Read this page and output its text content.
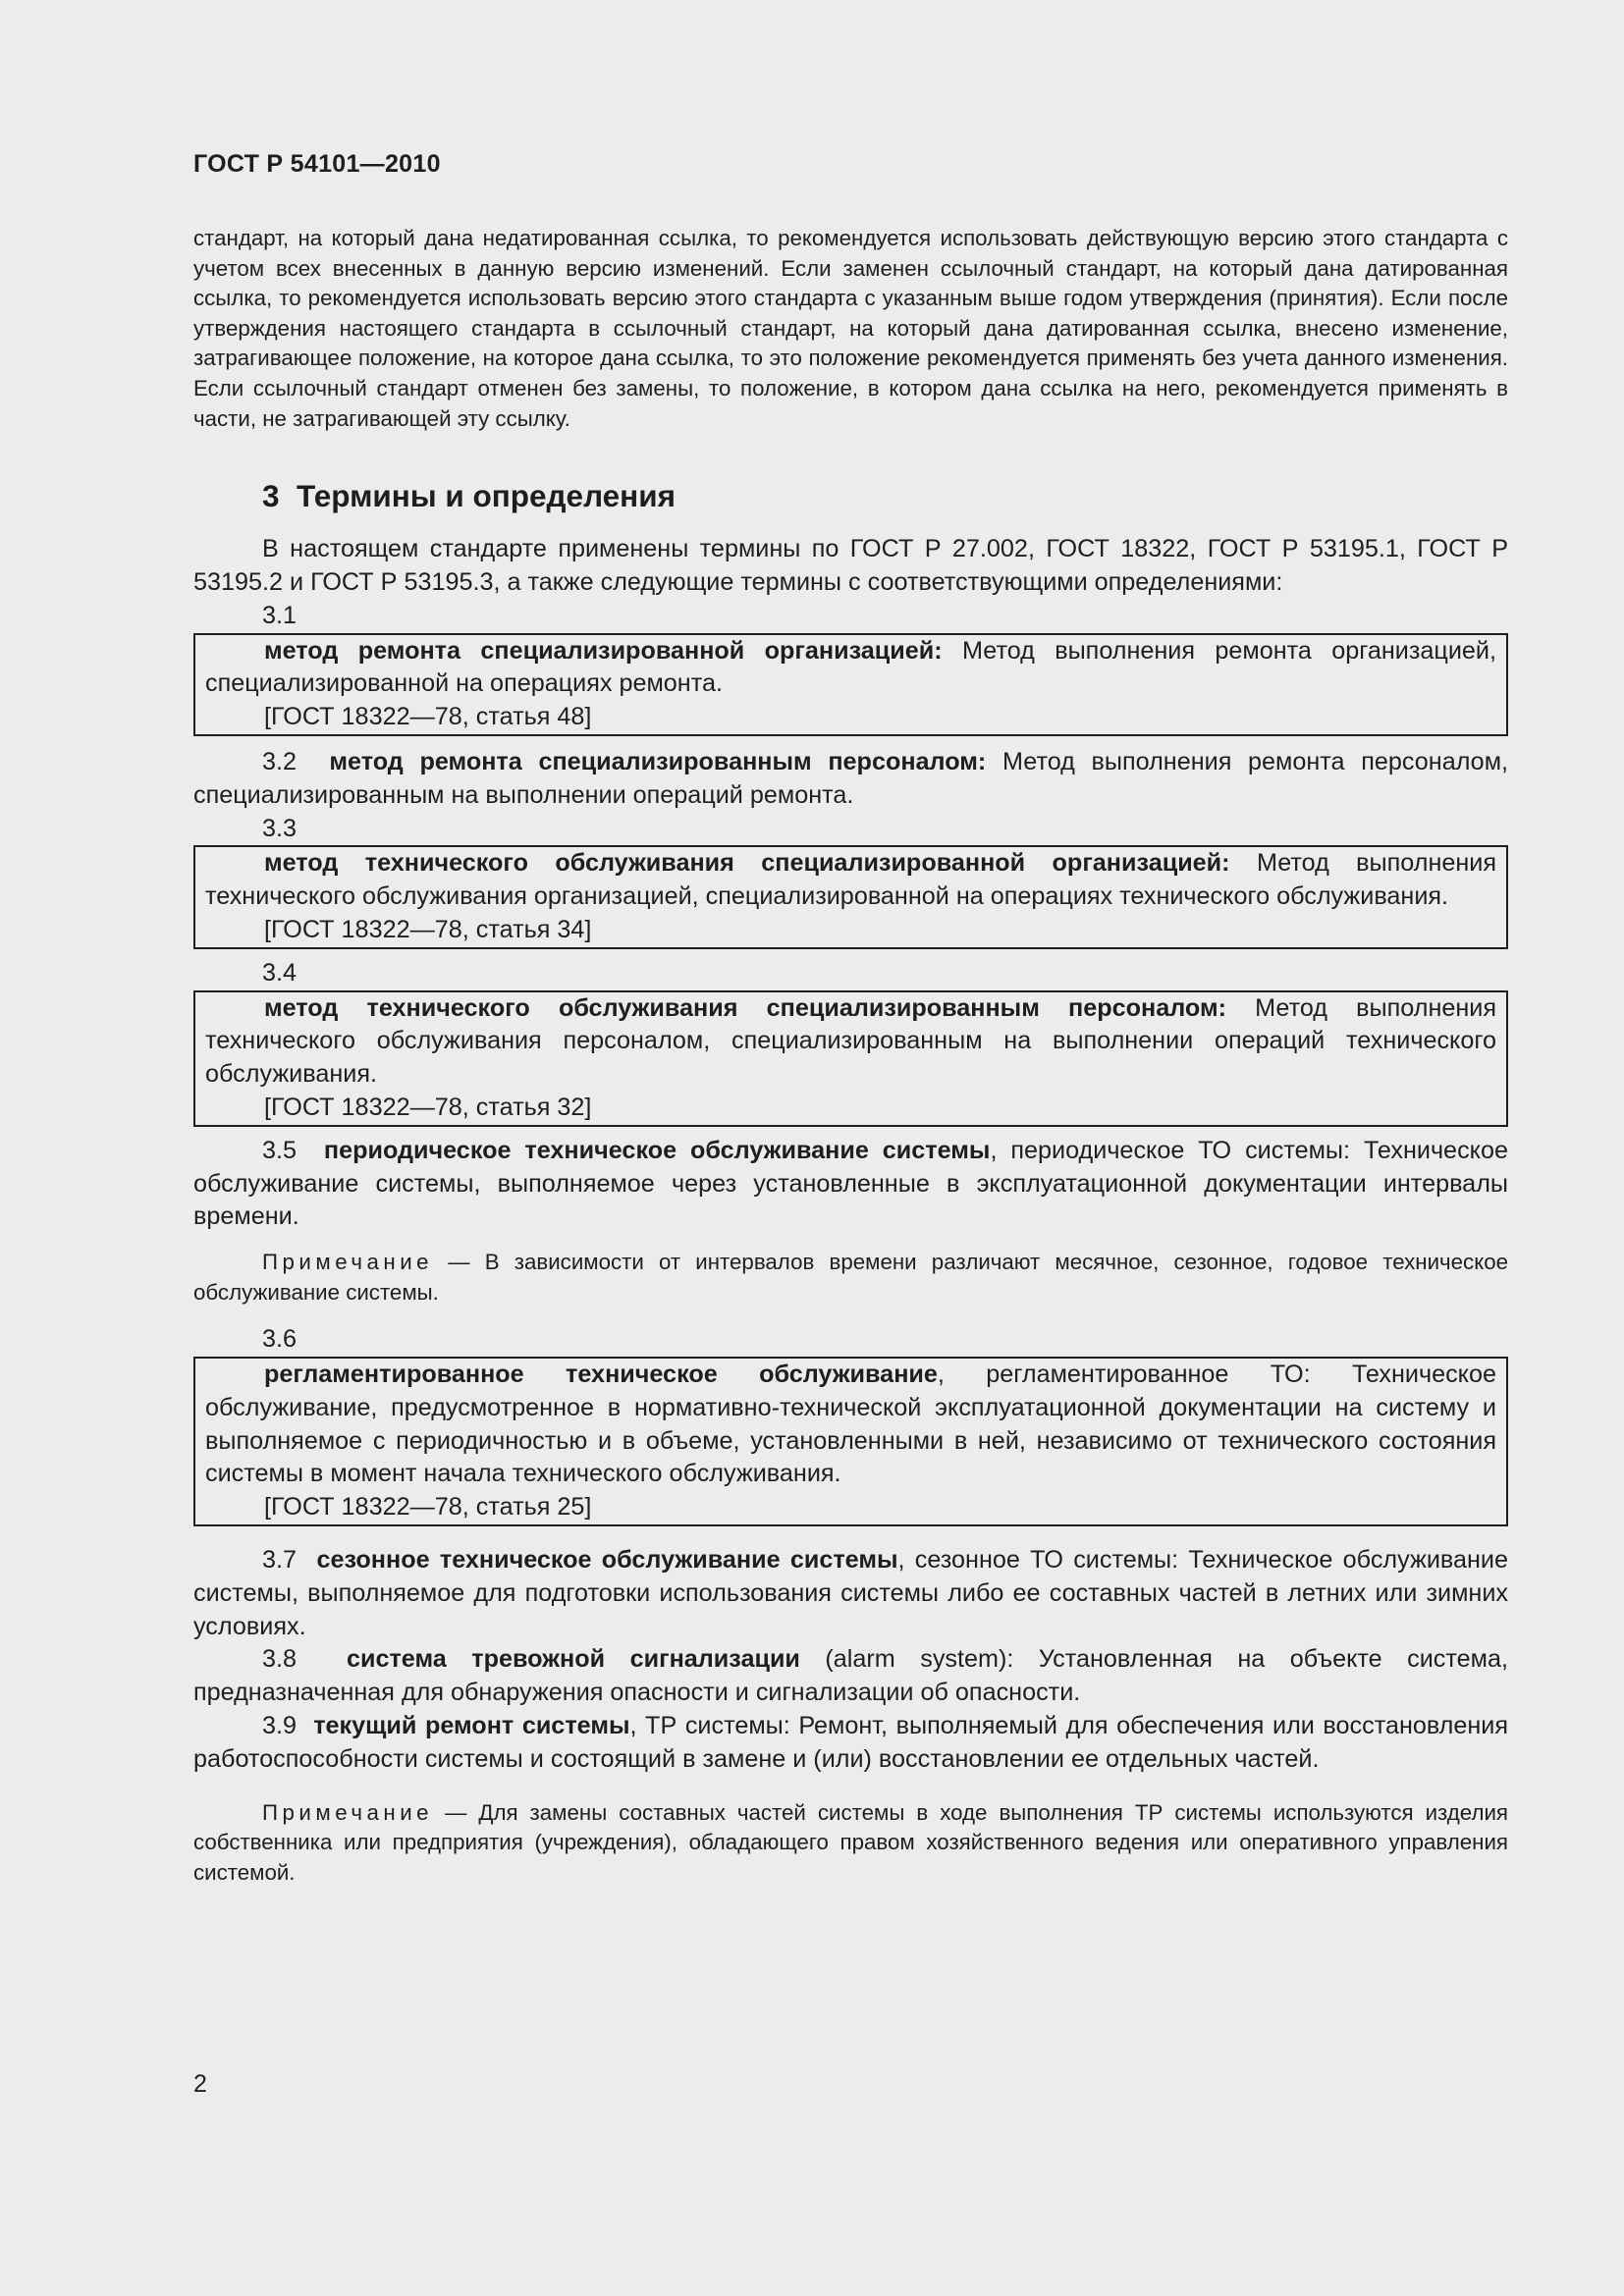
ГОСТ Р 54101—2010

стандарт, на который дана недатированная ссылка, то рекомендуется использовать действующую версию этого стандарта с учетом всех внесенных в данную версию изменений. Если заменен ссылочный стандарт, на который дана датированная ссылка, то рекомендуется использовать версию этого стандарта с указанным выше годом утверждения (принятия). Если после утверждения настоящего стандарта в ссылочный стандарт, на который дана датированная ссылка, внесено изменение, затрагивающее положение, на которое дана ссылка, то это положение рекомендуется применять без учета данного изменения. Если ссылочный стандарт отменен без замены, то положение, в котором дана ссылка на него, рекомендуется применять в части, не затрагивающей эту ссылку.

3 Термины и определения

В настоящем стандарте применены термины по ГОСТ Р 27.002, ГОСТ 18322, ГОСТ Р 53195.1, ГОСТ Р 53195.2 и ГОСТ Р 53195.3, а также следующие термины с соответствующими определениями:

3.1

метод ремонта специализированной организацией: Метод выполнения ремонта организацией, специализированной на операциях ремонта.

[ГОСТ 18322—78, статья 48]

3.2 метод ремонта специализированным персоналом: Метод выполнения ремонта персоналом, специализированным на выполнении операций ремонта.

3.3

метод технического обслуживания специализированной организацией: Метод выполнения технического обслуживания организацией, специализированной на операциях технического обслуживания.

[ГОСТ 18322—78, статья 34]
3.4

метод технического обслуживания специализированным персоналом: Метод выполнения технического обслуживания персоналом, специализированным на выполнении операций технического обслуживания.

[ГОСТ 18322—78, статья 32]

3.5 периодическое техническое обслуживание системы, периодическое ТО системы: Техническое обслуживание системы, выполняемое через установленные в эксплуатационной документации интервалы времени.

Примечание — В зависимости от интервалов времени различают месячное, сезонное, годовое техническое обслуживание системы.

3.6

регламентированное техническое обслуживание, регламентированное ТО: Техническое обслуживание, предусмотренное в нормативно-технической эксплуатационной документации на систему и выполняемое с периодичностью и в объеме, установленными в ней, независимо от технического состояния системы в момент начала технического обслуживания.

[ГОСТ 18322—78, статья 25]

3.7 сезонное техническое обслуживание системы, сезонное ТО системы: Техническое обслуживание системы, выполняемое для подготовки использования системы либо ее составных частей в летних или зимних условиях.

3.8 система тревожной сигнализации (alarm system): Установленная на объекте система, предназначенная для обнаружения опасности и сигнализации об опасности.

3.9 текущий ремонт системы, ТР системы: Ремонт, выполняемый для обеспечения или восстановления работоспособности системы и состоящий в замене и (или) восстановлении ее отдельных частей.

Примечание — Для замены составных частей системы в ходе выполнения ТР системы используются изделия собственника или предприятия (учреждения), обладающего правом хозяйственного ведения или оперативного управления системой.

2
